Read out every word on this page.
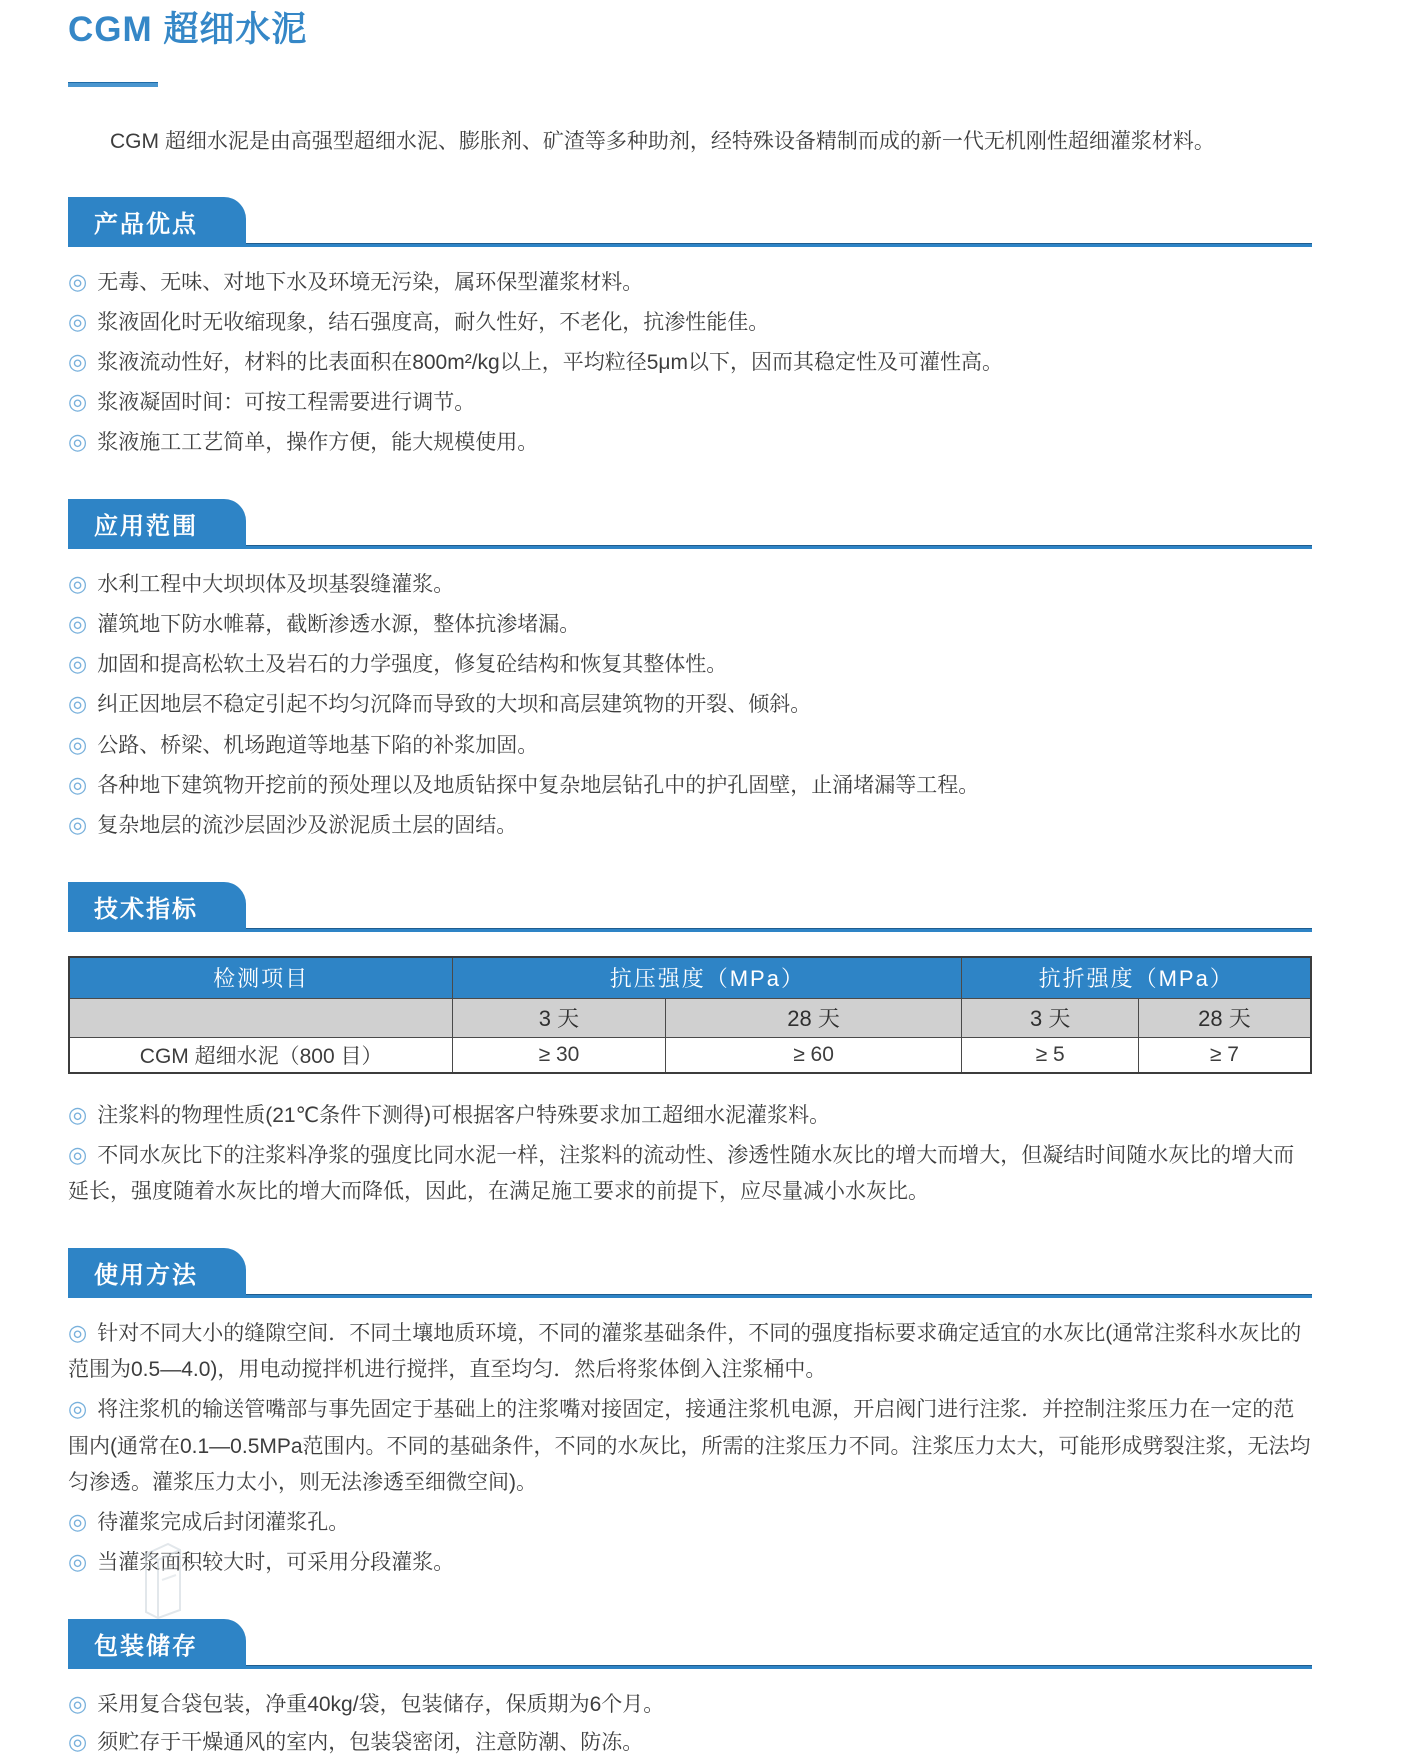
CGM 超细水泥

CGM 超细水泥是由高强型超细水泥、膨胀剂、矿渣等多种助剂，经特殊设备精制而成的新一代无机刚性超细灌浆材料。

产品优点
◎ 无毒、无味、对地下水及环境无污染，属环保型灌浆材料。
◎ 浆液固化时无收缩现象，结石强度高，耐久性好，不老化，抗渗性能佳。
◎ 浆液流动性好，材料的比表面积在800m²/kg以上，平均粒径5μm以下，因而其稳定性及可灌性高。
◎ 浆液凝固时间：可按工程需要进行调节。
◎ 浆液施工工艺简单，操作方便，能大规模使用。
应用范围
◎ 水利工程中大坝坝体及坝基裂缝灌浆。
◎ 灌筑地下防水帷幕，截断渗透水源，整体抗渗堵漏。
◎ 加固和提高松软土及岩石的力学强度，修复砼结构和恢复其整体性。
◎ 纠正因地层不稳定引起不均匀沉降而导致的大坝和高层建筑物的开裂、倾斜。
◎ 公路、桥梁、机场跑道等地基下陷的补浆加固。
◎ 各种地下建筑物开挖前的预处理以及地质钻探中复杂地层钻孔中的护孔固壁，止涌堵漏等工程。
◎ 复杂地层的流沙层固沙及淤泥质土层的固结。
技术指标
检测项目	抗压强度（MPa）		抗折强度（MPa）	
	3 天	28 天	3 天	28 天
CGM 超细水泥（800 目）	≥ 30	≥ 60	≥ 5	≥ 7
◎ 注浆料的物理性质(21℃条件下测得)可根据客户特殊要求加工超细水泥灌浆料。
◎ 不同水灰比下的注浆料净浆的强度比同水泥一样，注浆料的流动性、渗透性随水灰比的增大而增大，但凝结时间随水灰比的增大而延长，强度随着水灰比的增大而降低，因此，在满足施工要求的前提下，应尽量减小水灰比。
使用方法
◎ 针对不同大小的缝隙空间．不同土壤地质环境，不同的灌浆基础条件，不同的强度指标要求确定适宜的水灰比(通常注浆科水灰比的范围为0.5—4.0)，用电动搅拌机进行搅拌，直至均匀．然后将浆体倒入注浆桶中。
◎ 将注浆机的输送管嘴部与事先固定于基础上的注浆嘴对接固定，接通注浆机电源，开启阀门进行注浆．并控制注浆压力在一定的范围内(通常在0.1—0.5MPa范围内。不同的基础条件，不同的水灰比，所需的注浆压力不同。注浆压力太大，可能形成劈裂注浆，无法均匀渗透。灌浆压力太小，则无法渗透至细微空间)。
◎ 待灌浆完成后封闭灌浆孔。
◎ 当灌浆面积较大时，可采用分段灌浆。
包装储存
◎ 采用复合袋包装，净重40kg/袋，包装储存，保质期为6个月。
◎ 须贮存于干燥通风的室内，包装袋密闭，注意防潮、防冻。
